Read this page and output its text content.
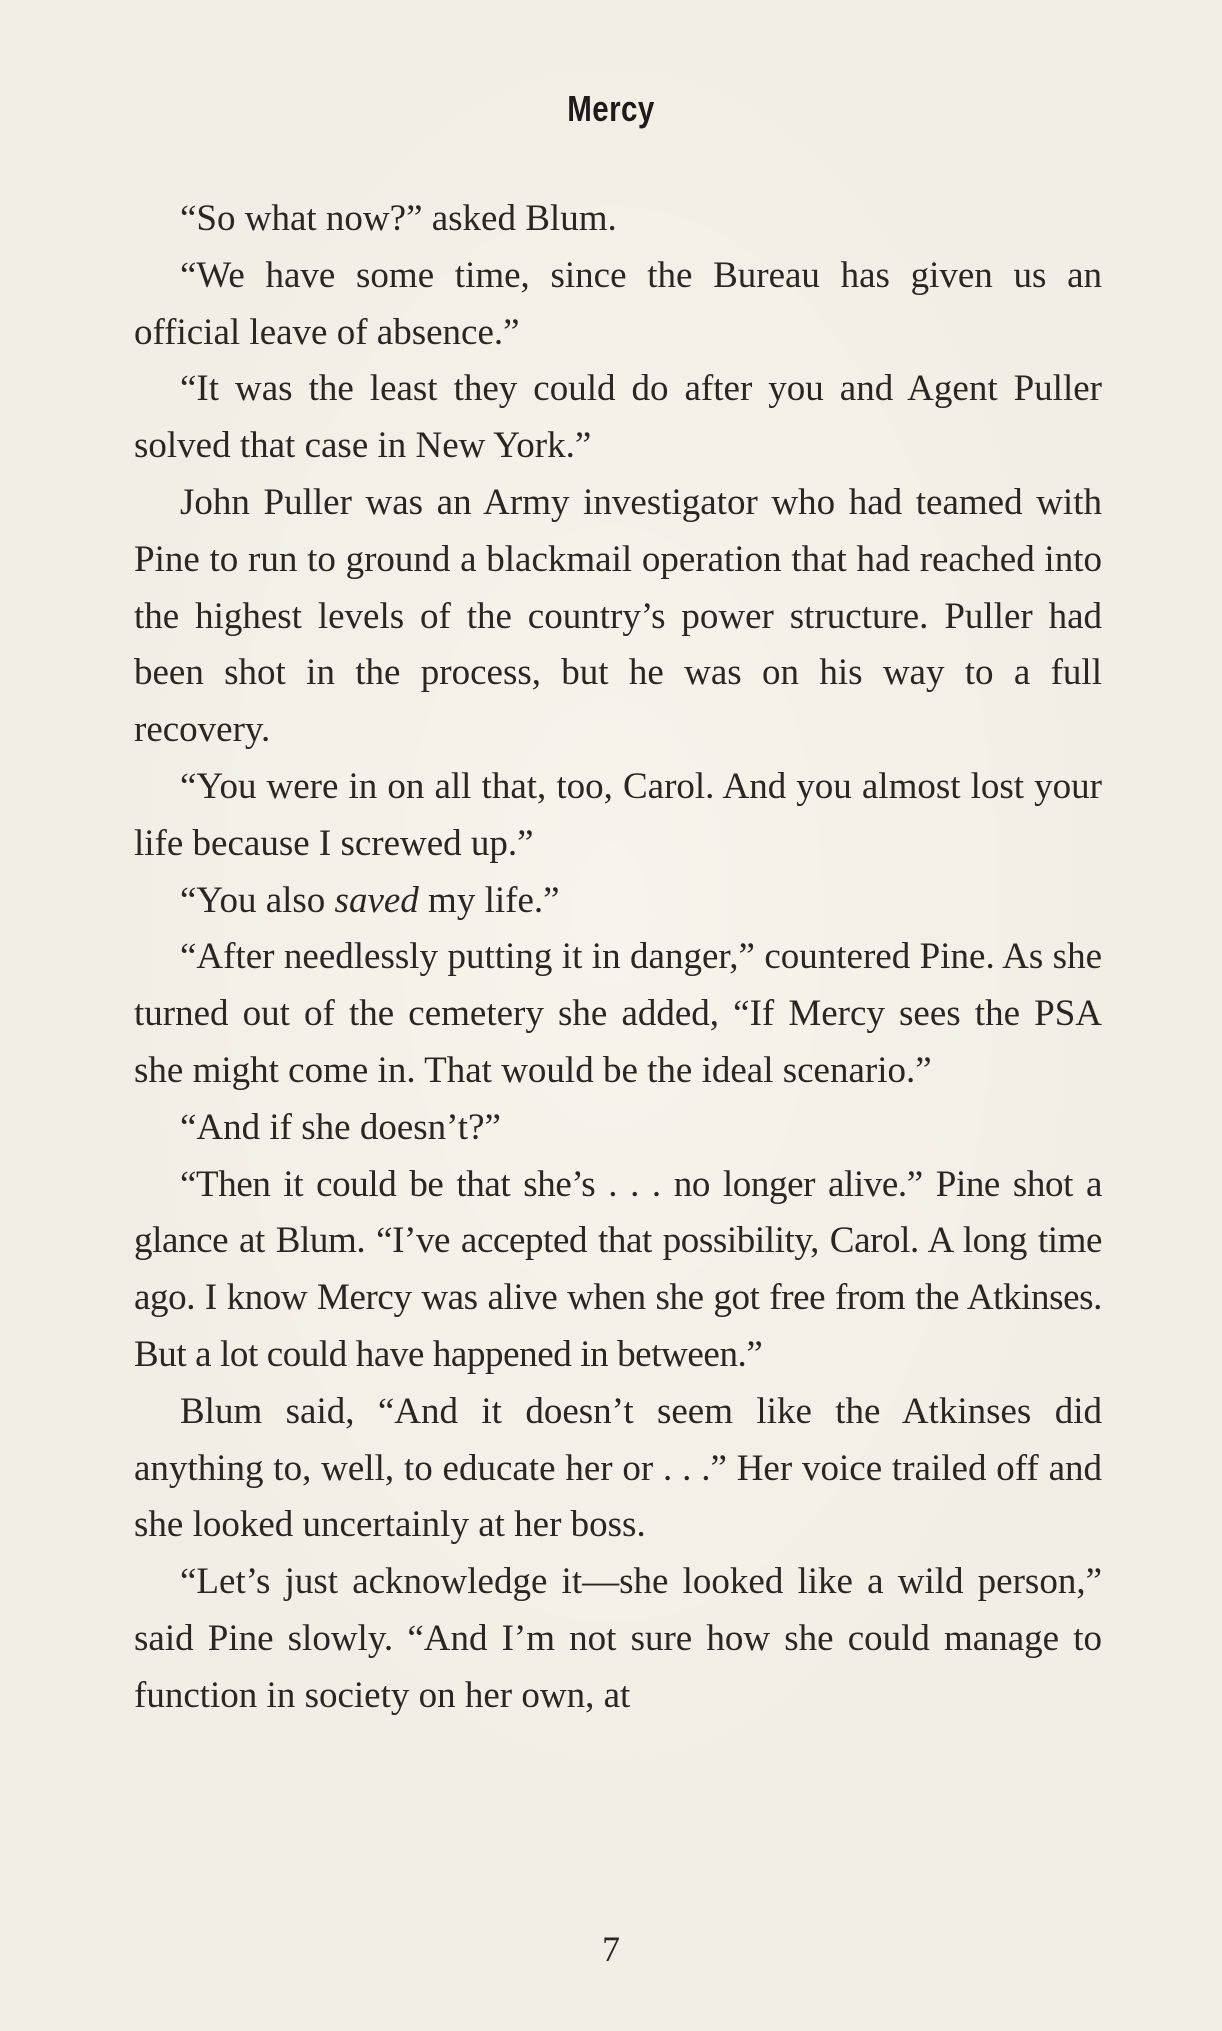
Mercy

“So what now?” asked Blum.

“We have some time, since the Bureau has given us an official leave of absence.”

“It was the least they could do after you and Agent Puller solved that case in New York.”

John Puller was an Army investigator who had teamed with Pine to run to ground a blackmail operation that had reached into the highest levels of the country’s power structure. Puller had been shot in the process, but he was on his way to a full recovery.

“You were in on all that, too, Carol. And you almost lost your life because I screwed up.”

“You also saved my life.”

“After needlessly putting it in danger,” countered Pine. As she turned out of the cemetery she added, “If Mercy sees the PSA she might come in. That would be the ideal scenario.”

“And if she doesn’t?”

“Then it could be that she’s . . . no longer alive.” Pine shot a glance at Blum. “I’ve accepted that possibility, Carol. A long time ago. I know Mercy was alive when she got free from the Atkinses. But a lot could have happened in between.”

Blum said, “And it doesn’t seem like the Atkinses did anything to, well, to educate her or . . .” Her voice trailed off and she looked uncertainly at her boss.

“Let’s just acknowledge it—she looked like a wild person,” said Pine slowly. “And I’m not sure how she could manage to function in society on her own, at

7
